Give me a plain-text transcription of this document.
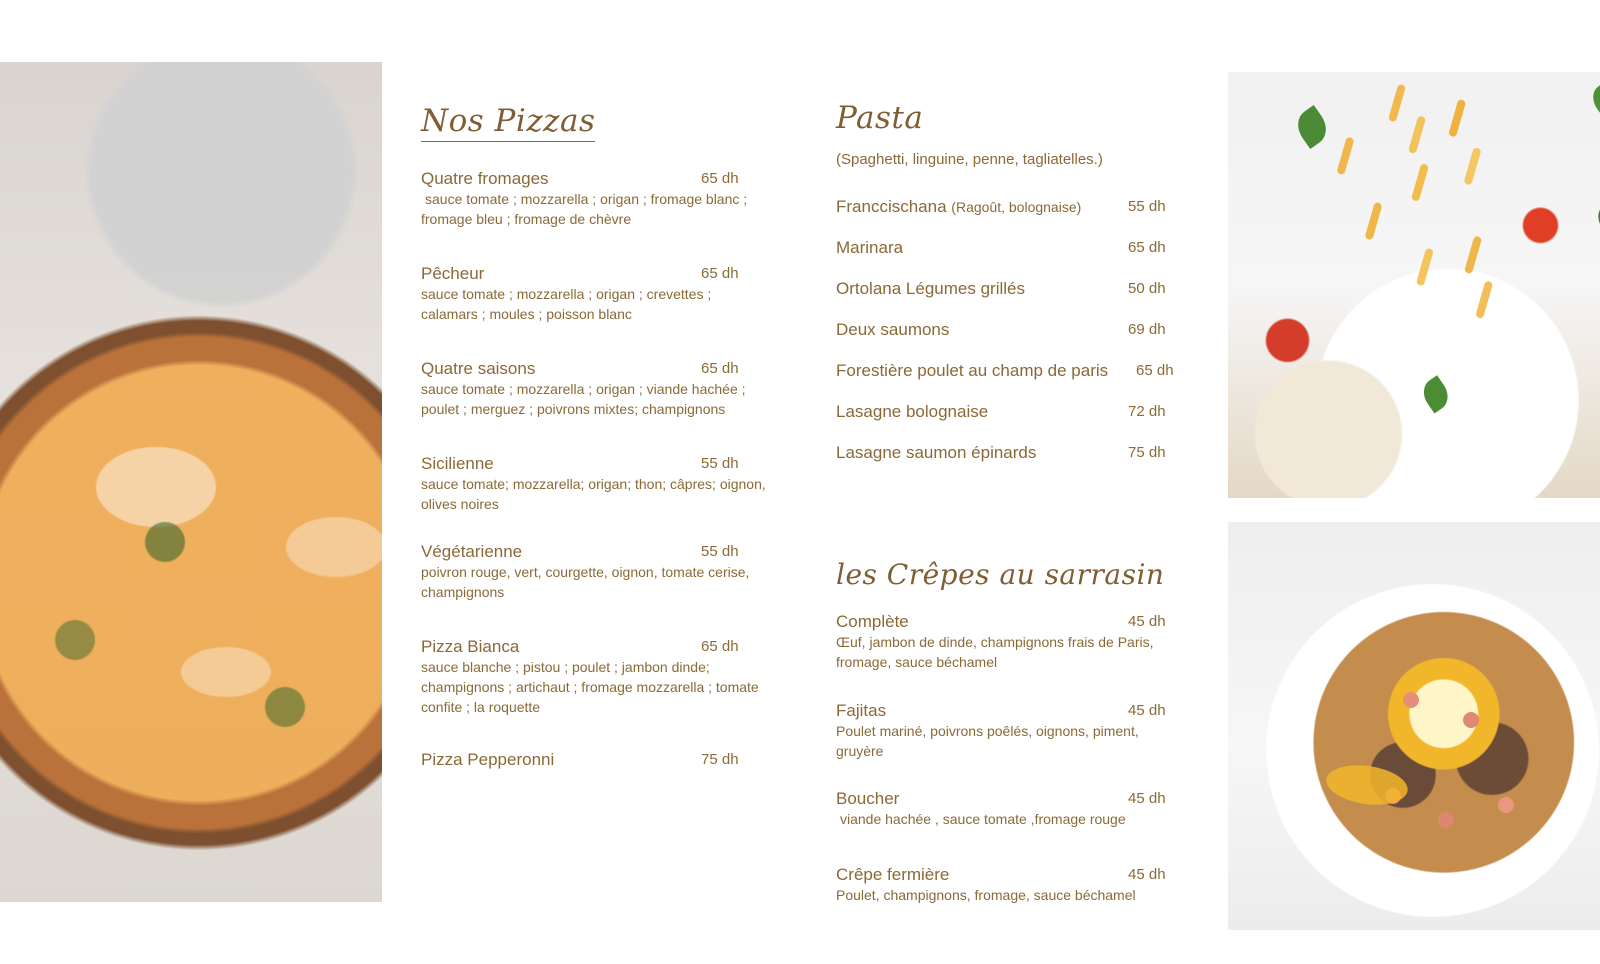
Nos Pizzas	Pasta

(Spaghetti, linguine, penne, tagliatelles.)

les Crêpes au sarrasin
Quatre fromages	65 dh
sauce tomate ; mozzarella ; origan ; fromage blanc ; fromage bleu ; fromage de chèvre
Pêcheur	65 dh
sauce tomate ; mozzarella ; origan ; crevettes ; calamars ; moules ; poisson blanc
Quatre saisons	65 dh
sauce tomate ; mozzarella ; origan ; viande hachée ; poulet ; merguez ; poivrons mixtes; champignons
Sicilienne	55 dh
sauce tomate; mozzarella; origan; thon; câpres; oignon, olives noires
Végétarienne	55 dh
poivron rouge, vert, courgette, oignon, tomate cerise, champignons
Pizza Bianca	65 dh
sauce blanche ; pistou ; poulet ; jambon dinde; champignons ; artichaut ; fromage mozzarella ; tomate confite ; la roquette
Pizza Pepperonni	75 dh
Franccischana (Ragoût, bolognaise)	55 dh
Marinara	65 dh
Ortolana Légumes grillés	50 dh
Deux saumons	69 dh
Forestière poulet au champ de paris 65 dh
Lasagne bolognaise	72 dh
Lasagne saumon épinards	75 dh
Complète	45 dh
Œuf, jambon de dinde, champignons frais de Paris, fromage, sauce béchamel
Fajitas	45 dh
Poulet mariné, poivrons poêlés, oignons, piment, gruyère
Boucher	45 dh
viande hachée , sauce tomate ,fromage rouge
Crêpe fermière	45 dh
Poulet, champignons, fromage, sauce béchamel
